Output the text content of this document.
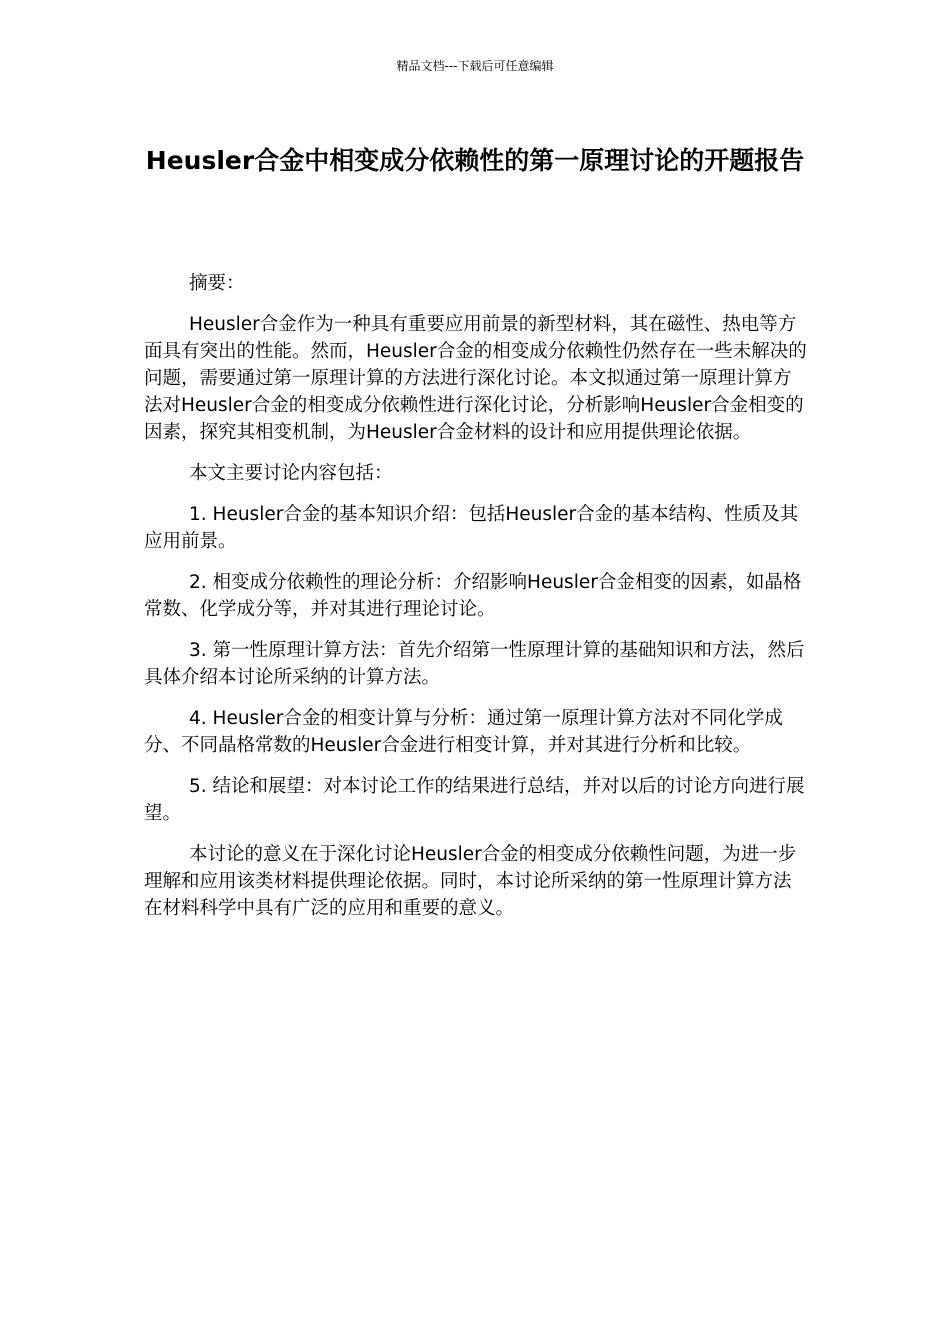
精品文档---下载后可任意编辑
Heusler合金中相变成分依赖性的第一原理讨论的开题报告

摘要：

Heusler合金作为一种具有重要应用前景的新型材料，其在磁性、热电等方面具有突出的性能。然而，Heusler合金的相变成分依赖性仍然存在一些未解决的问题，需要通过第一原理计算的方法进行深化讨论。本文拟通过第一原理计算方法对Heusler合金的相变成分依赖性进行深化讨论，分析影响Heusler合金相变的因素，探究其相变机制，为Heusler合金材料的设计和应用提供理论依据。

本文主要讨论内容包括：

1. Heusler合金的基本知识介绍：包括Heusler合金的基本结构、性质及其应用前景。

2. 相变成分依赖性的理论分析：介绍影响Heusler合金相变的因素，如晶格常数、化学成分等，并对其进行理论讨论。

3. 第一性原理计算方法：首先介绍第一性原理计算的基础知识和方法，然后具体介绍本讨论所采纳的计算方法。

4. Heusler合金的相变计算与分析：通过第一原理计算方法对不同化学成分、不同晶格常数的Heusler合金进行相变计算，并对其进行分析和比较。

5. 结论和展望：对本讨论工作的结果进行总结，并对以后的讨论方向进行展望。

本讨论的意义在于深化讨论Heusler合金的相变成分依赖性问题，为进一步理解和应用该类材料提供理论依据。同时，本讨论所采纳的第一性原理计算方法在材料科学中具有广泛的应用和重要的意义。
